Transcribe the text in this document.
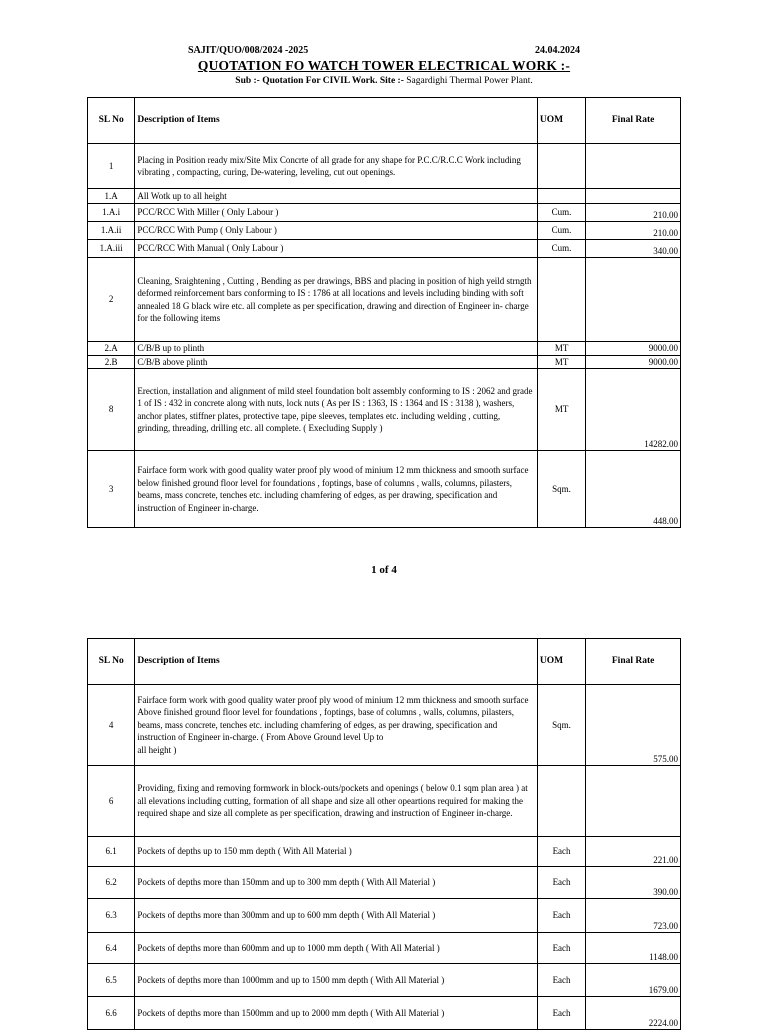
SAJIT/QUO/008/2024 -2025	24.04.2024
QUOTATION FO WATCH TOWER ELECTRICAL WORK :-
Sub :- Quotation For CIVIL Work. Site :- Sagardighi Thermal Power Plant.
SL No	Description of Items	UOM	Final Rate
1	Placing in Position ready mix/Site Mix Concrte of all grade for any shape for P.C.C/R.C.C Work including vibrating , compacting, curing, De-watering, leveling, cut out openings.		
1.A	All Wotk up to all height		
1.A.i	PCC/RCC With Miller ( Only Labour )	Cum.	210.00
1.A.ii	PCC/RCC With Pump ( Only Labour )	Cum.	210.00
1.A.iii	PCC/RCC With Manual ( Only Labour )	Cum.	340.00
2	Cleaning, Sraightening , Cutting , Bending as per drawings, BBS and placing in position of high yeild strngth deformed reinforcement bars conforming to IS : 1786 at all locations and levels including binding with soft annealed 18 G black wire etc. all complete as per specification, drawing and direction of Engineer in- charge for the following items		
2.A	C/B/B up to plinth	MT	9000.00
2.B	C/B/B above plinth	MT	9000.00
8	Erection, installation and alignment of mild steel foundation bolt assembly conforming to IS : 2062 and grade 1 of IS : 432 in concrete along with nuts, lock nuts ( As per IS : 1363, IS : 1364 and IS : 3138 ), washers, anchor plates, stiffner plates, protective tape, pipe sleeves, templates etc. including welding , cutting, grinding, threading, drilling etc. all complete. ( Execluding Supply )	MT	14282.00
3	Fairface form work with good quality water proof ply wood of minium 12 mm thickness and smooth surface below finished ground floor level for foundations , foptings, base of columns , walls, columns, pilasters, beams, mass concrete, tenches etc. including chamfering of edges, as per drawing, specification and instruction of Engineer in-charge.	Sqm.	448.00
1 of 4
SL No	Description of Items	UOM	Final Rate
4	Fairface form work with good quality water proof ply wood of minium 12 mm thickness and smooth surface Above finished ground floor level for foundations , foptings, base of columns , walls, columns, pilasters, beams, mass concrete, tenches etc. including chamfering of edges, as per drawing, specification and instruction of Engineer in-charge. ( From Above Ground level Up to
all height )	Sqm.	575.00
6	Providing, fixing and removing formwork in block-outs/pockets and openings ( below 0.1 sqm plan area ) at all elevations including cutting, formation of all shape and size all other opeartions required for making the required shape and size all complete as per specification, drawing and instruction of Engineer in-charge.		
6.1	Pockets of depths up to 150 mm depth ( With All Material )	Each	221.00
6.2	Pockets of depths more than 150mm and up to 300 mm depth ( With All Material )	Each	390.00
6.3	Pockets of depths more than 300mm and up to 600 mm depth ( With All Material )	Each	723.00
6.4	Pockets of depths more than 600mm and up to 1000 mm depth ( With All Material )	Each	1148.00
6.5	Pockets of depths more than 1000mm and up to 1500 mm depth ( With All Material )	Each	1679.00
6.6	Pockets of depths more than 1500mm and up to 2000 mm depth ( With All Material )	Each	2224.00
